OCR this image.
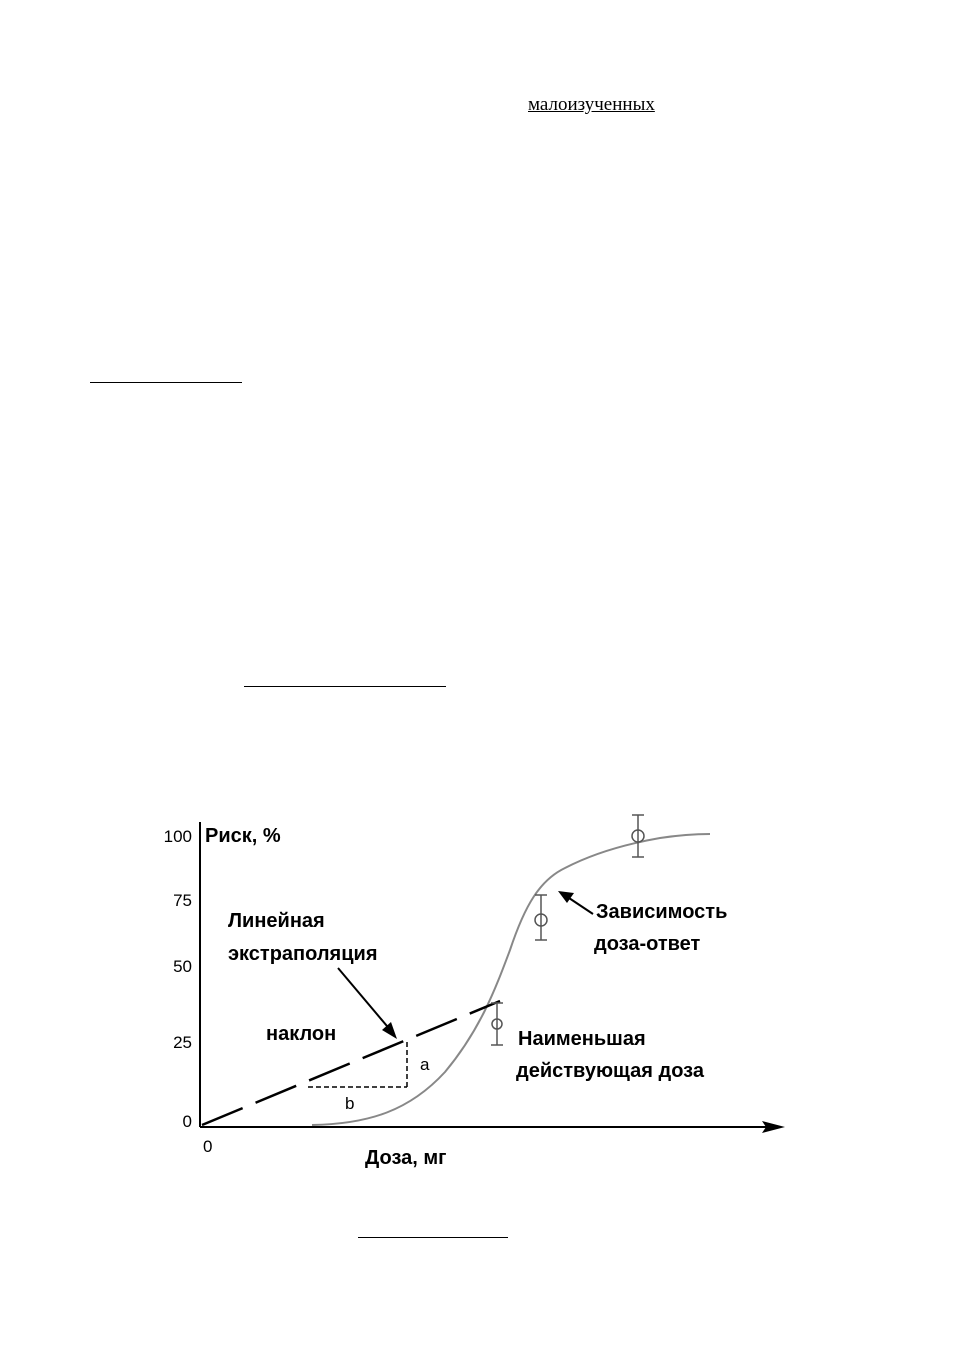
малоизученных
Риск, %
Доза, мг
0
100
75
50
25
0
a
b
Линейная
экстраполяция
наклон
Зависимость
доза-ответ
Наименьшая
действующая доза
